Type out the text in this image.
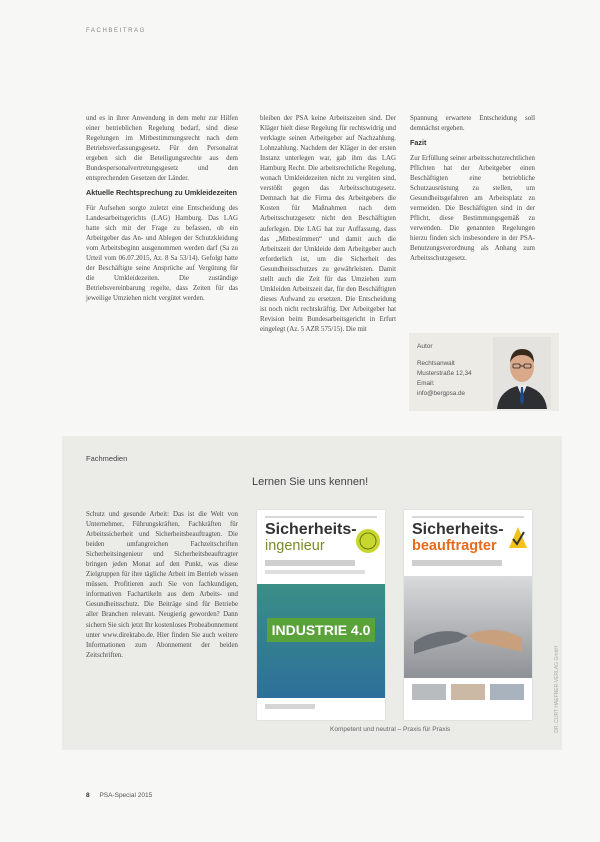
FACHBEITRAG

und es in ihrer Anwendung in dem mehr zur Hilfen einer betrieblichen Regelung bedarf, sind diese Regelungen im Mitbestimmungsrecht nach dem Betriebsverfassungsgesetz. Für den Personalrat ergeben sich die Beteiligungsrechte aus dem Bundespersonalvertretungsgesetz und den entsprechenden Gesetzen der Länder.

Aktuelle Rechtsprechung zu Umkleidezeiten

Für Aufsehen sorgte zuletzt eine Entscheidung des Landesarbeitsgerichts (LAG) Hamburg. Das LAG hatte sich mit der Frage zu befassen, ob ein Arbeitgeber das An- und Ablegen der Schutzkleidung vom Arbeitsbeginn ausgenommen werden darf (Sa zu Urteil vom 06.07.2015, Az. 8 Sa 53/14). Gefolgt hatte der Beschäftigte seine Ansprüche auf Vergütung für die Umkleidezeiten. Die zuständige Betriebsvereinbarung regelte, dass Zeiten für das jeweilige Umziehen nicht vergütet werden.

bleiben der PSA keine Arbeitszeiten sind. Der Kläger hielt diese Regelung für rechtswidrig und verklagte seinen Arbeitgeber auf Nachzahlung. Lohnzahlung. Nachdem der Kläger in der ersten Instanz unterlegen war, gab ihm das LAG Hamburg Recht. Die arbeitsrechtliche Regelung, wonach Umkleidezeiten nicht zu vergüten sind, verstößt gegen das Arbeitsschutzgesetz. Demnach hat die Firma des Arbeitgebers die Kosten für Maßnahmen nach dem Arbeitsschutzgesetz nicht den Beschäftigten auferlegen. Die LAG hat zur Auffassung, dass das „Mitbestimmen“ und damit auch die Arbeitszeit der Umkleide dem Arbeitgeber auch erforderlich ist, um die Sicherheit des Gesundheitsschutzes zu gewährleisten. Damit stellt auch die Zeit für das Umziehen zum Umkleiden Arbeitszeit dar, für den Beschäftigten dieses Aufwand zu ersetzen. Die Entscheidung ist noch nicht rechtskräftig. Der Arbeitgeber hat Revision beim Bundesarbeitsgericht in Erfurt eingelegt (Az. 5 AZR 575/15). Die mit

Spannung erwartete Entscheidung soll demnächst ergehen.

Fazit

Zur Erfüllung seiner arbeitsschutzrechtlichen Pflichten hat der Arbeitgeber einen Beschäftigten eine betriebliche Schutzausrüstung zu stellen, um Gesundheitsgefahren am Arbeitsplatz zu vermeiden. Die Beschäftigten sind in der Pflicht, diese Bestimmungsgemäß zu verwenden. Die genannten Regelungen hierzu finden sich insbesondere in der PSA-Benutzungsverordnung als Anhang zum Arbeitsschutzgesetz.

Autor
Rechtsanwalt
Musterstraße 12,34
Email:
info@bergpsa.de
Fachmedien
Lernen Sie uns kennen!
Schutz und gesunde Arbeit: Das ist die Welt von Unternehmer, Führungskräften, Fachkräften für Arbeitssicherheit und Sicherheitsbeauftragten. Die beiden umfangreichen Fachzeitschriften Sicherheitsingenieur und Sicherheitsbeauftragter bringen jeden Monat auf den Punkt, was diese Zielgruppen für ihre tägliche Arbeit im Betrieb wissen müssen. Profitieren auch Sie von fachkundigen, informativen Fachartikeln aus dem Arbeits- und Gesundheitsschutz. Die Beiträge sind für Betriebe aller Branchen relevant. Neugierig geworden? Dann sichern Sie sich jetzt Ihr kostenloses Probeabonnement unter www.direktabo.de. Hier finden Sie auch weitere Informationen zum Abonnement der beiden Zeitschriften.
Sicherheits-
ingenieur
INDUSTRIE 4.0
Sicherheits-
beauftragter
Kompetent und neutral – Praxis für Praxis	DR. CURT HAEFNER-VERLAG GmbH
8 PSA-Special 2015
